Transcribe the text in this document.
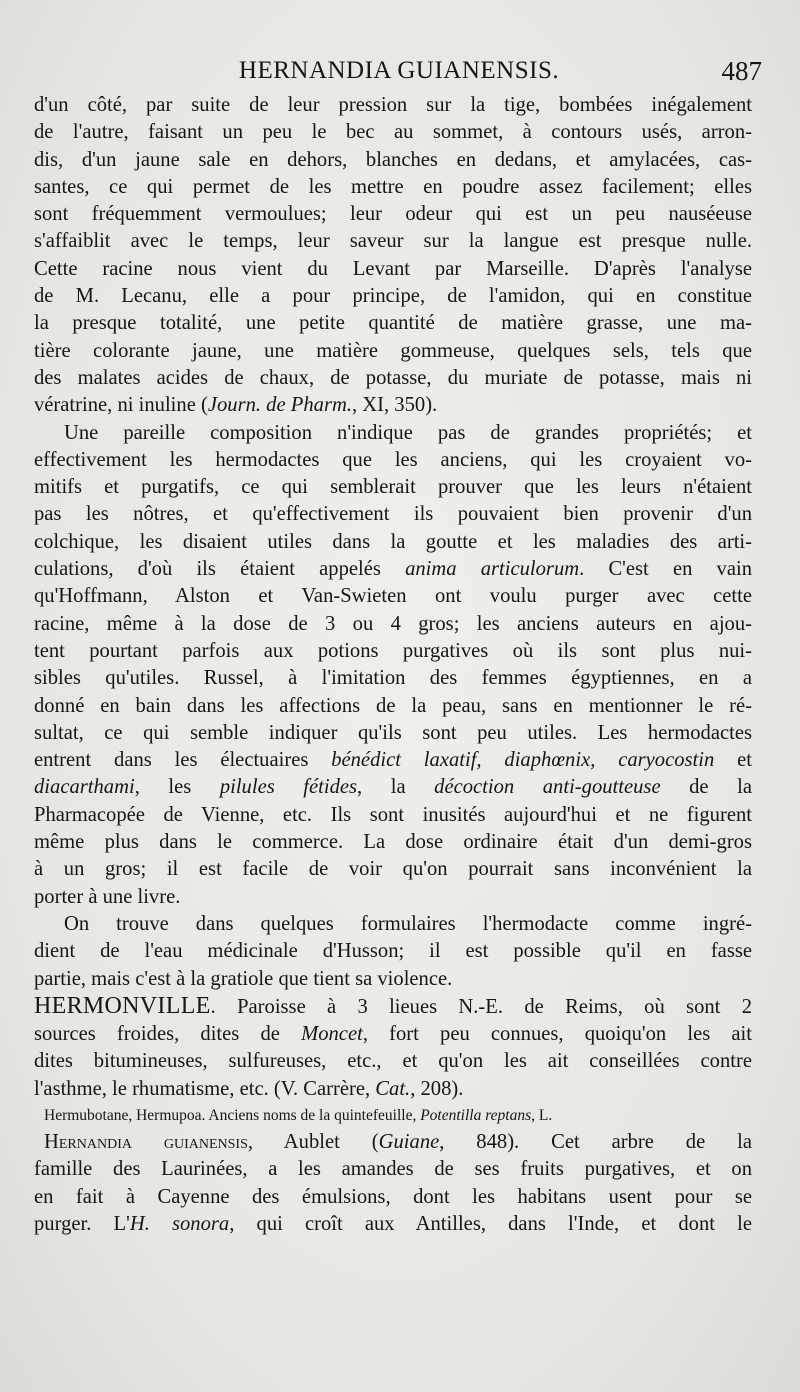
HERNANDIA GUIANENSIS.	487

d'un côté, par suite de leur pression sur la tige, bombées inégalement

de l'autre, faisant un peu le bec au sommet, à contours usés, arron-

dis, d'un jaune sale en dehors, blanches en dedans, et amylacées, cas-

santes, ce qui permet de les mettre en poudre assez facilement; elles

sont fréquemment vermoulues; leur odeur qui est un peu nauséeuse

s'affaiblit avec le temps, leur saveur sur la langue est presque nulle.

Cette racine nous vient du Levant par Marseille. D'après l'analyse

de M. Lecanu, elle a pour principe, de l'amidon, qui en constitue

la presque totalité, une petite quantité de matière grasse, une ma-

tière colorante jaune, une matière gommeuse, quelques sels, tels que

des malates acides de chaux, de potasse, du muriate de potasse, mais ni

vératrine, ni inuline (Journ. de Pharm., XI, 350).

Une pareille composition n'indique pas de grandes propriétés; et

effectivement les hermodactes que les anciens, qui les croyaient vo-

mitifs et purgatifs, ce qui semblerait prouver que les leurs n'étaient

pas les nôtres, et qu'effectivement ils pouvaient bien provenir d'un

colchique, les disaient utiles dans la goutte et les maladies des arti-

culations, d'où ils étaient appelés anima articulorum. C'est en vain

qu'Hoffmann, Alston et Van-Swieten ont voulu purger avec cette

racine, même à la dose de 3 ou 4 gros; les anciens auteurs en ajou-

tent pourtant parfois aux potions purgatives où ils sont plus nui-

sibles qu'utiles. Russel, à l'imitation des femmes égyptiennes, en a

donné en bain dans les affections de la peau, sans en mentionner le ré-

sultat, ce qui semble indiquer qu'ils sont peu utiles. Les hermodactes

entrent dans les électuaires bénédict laxatif, diaphœnix, caryocostin et

diacarthami, les pilules fétides, la décoction anti-goutteuse de la

Pharmacopée de Vienne, etc. Ils sont inusités aujourd'hui et ne figurent

même plus dans le commerce. La dose ordinaire était d'un demi-gros

à un gros; il est facile de voir qu'on pourrait sans inconvénient la

porter à une livre.

On trouve dans quelques formulaires l'hermodacte comme ingré-

dient de l'eau médicinale d'Husson; il est possible qu'il en fasse

partie, mais c'est à la gratiole que tient sa violence.

HERMONVILLE. Paroisse à 3 lieues N.-E. de Reims, où sont 2

sources froides, dites de Moncet, fort peu connues, quoiqu'on les ait

dites bitumineuses, sulfureuses, etc., et qu'on les ait conseillées contre

l'asthme, le rhumatisme, etc. (V. Carrère, Cat., 208).

Hermubotane, Hermupoa. Anciens noms de la quintefeuille, Potentilla reptans, L.

Hernandia guianensis, Aublet (Guiane, 848). Cet arbre de la

famille des Laurinées, a les amandes de ses fruits purgatives, et on

en fait à Cayenne des émulsions, dont les habitans usent pour se

purger. L'H. sonora, qui croît aux Antilles, dans l'Inde, et dont le
